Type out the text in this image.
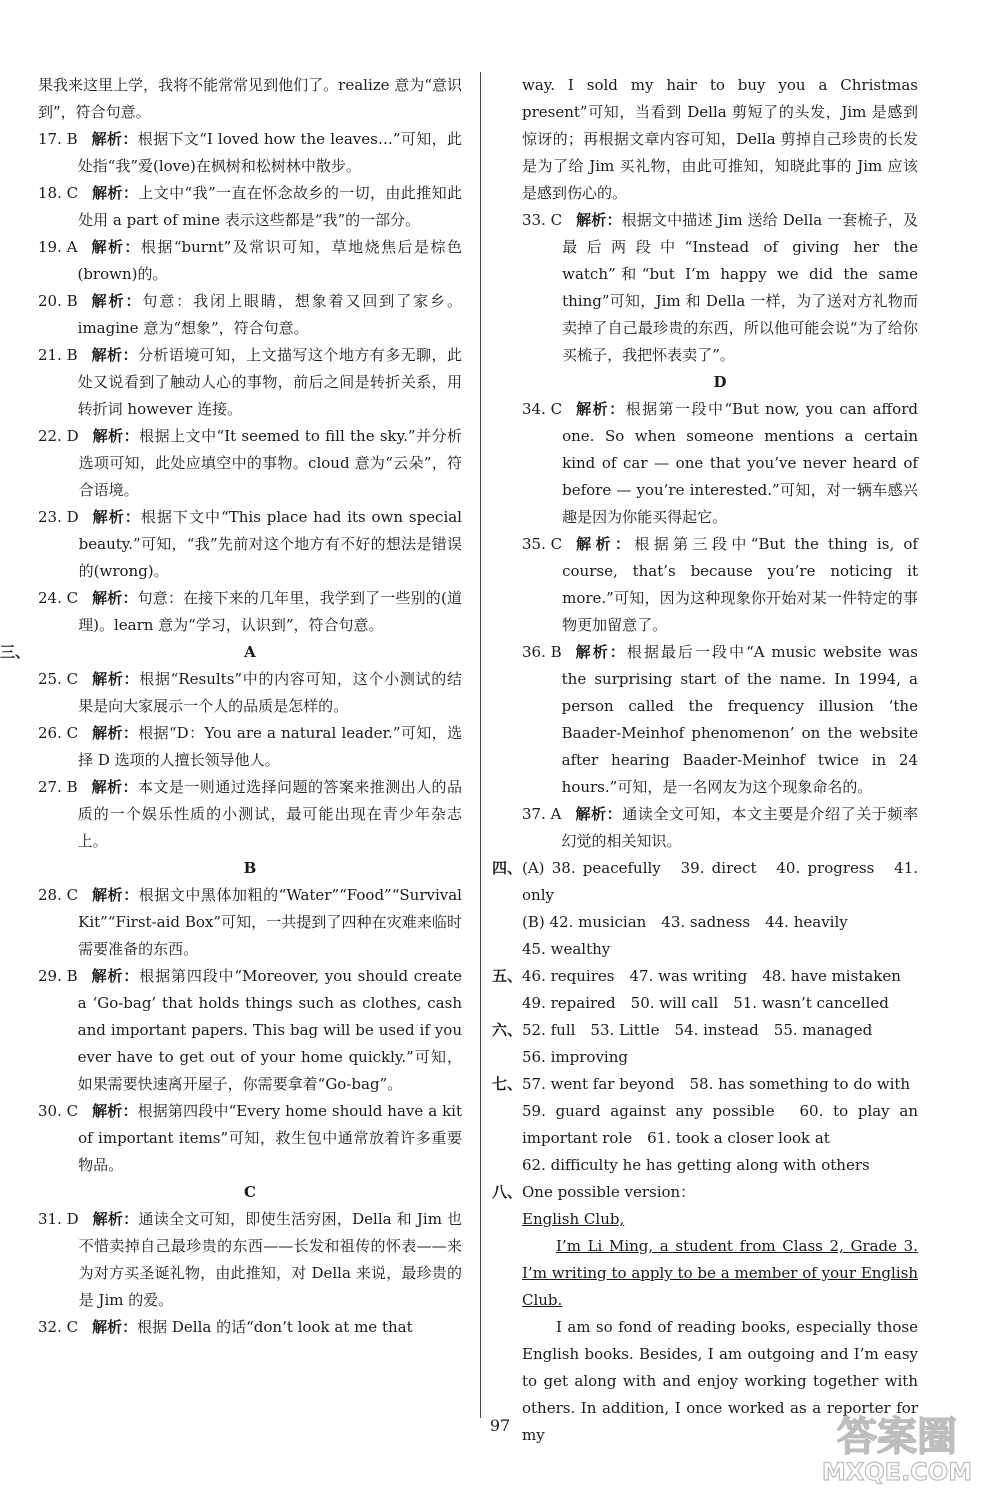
果我来这里上学，我将不能常常见到他们了。realize 意为“意识到”，符合句意。
17. B 解析：根据下文“I loved how the leaves…”可知，此处指“我”爱(love)在枫树和松树林中散步。
18. C 解析：上文中“我”一直在怀念故乡的一切，由此推知此处用 a part of mine 表示这些都是“我”的一部分。
19. A 解析：根据“burnt”及常识可知，草地烧焦后是棕色(brown)的。
20. B 解析：句意：我闭上眼睛，想象着又回到了家乡。imagine 意为“想象”，符合句意。
21. B 解析：分析语境可知，上文描写这个地方有多无聊，此处又说看到了触动人心的事物，前后之间是转折关系，用转折词 however 连接。
22. D 解析：根据上文中“It seemed to fill the sky.”并分析选项可知，此处应填空中的事物。cloud 意为“云朵”，符合语境。
23. D 解析：根据下文中“This place had its own special beauty.”可知，“我”先前对这个地方有不好的想法是错误的(wrong)。
24. C 解析：句意：在接下来的几年里，我学到了一些别的(道理)。learn 意为“学习，认识到”，符合句意。
三、	A
25. C 解析：根据“Results”中的内容可知，这个小测试的结果是向大家展示一个人的品质是怎样的。
26. C 解析：根据“D：You are a natural leader.”可知，选择 D 选项的人擅长领导他人。
27. B 解析：本文是一则通过选择问题的答案来推测出人的品质的一个娱乐性质的小测试，最可能出现在青少年杂志上。
B
28. C 解析：根据文中黑体加粗的“Water”“Food”“Survival Kit”“First-aid Box”可知，一共提到了四种在灾难来临时需要准备的东西。
29. B 解析：根据第四段中“Moreover, you should create a ‘Go-bag’ that holds things such as clothes, cash and important papers. This bag will be used if you ever have to get out of your home quickly.”可知，如果需要快速离开屋子，你需要拿着“Go-bag”。
30. C 解析：根据第四段中“Every home should have a kit of important items”可知，救生包中通常放着许多重要物品。
C
31. D 解析：通读全文可知，即使生活穷困，Della 和 Jim 也不惜卖掉自己最珍贵的东西——长发和祖传的怀表——来为对方买圣诞礼物，由此推知，对 Della 来说，最珍贵的是 Jim 的爱。
32. C 解析：根据 Della 的话“don’t look at me that
way. I sold my hair to buy you a Christmas present”可知，当看到 Della 剪短了的头发，Jim 是感到惊讶的；再根据文章内容可知，Della 剪掉自己珍贵的长发是为了给 Jim 买礼物，由此可推知，知晓此事的 Jim 应该是感到伤心的。
33. C 解析：根据文中描述 Jim 送给 Della 一套梳子，及最后两段中“Instead of giving her the watch”和“but I’m happy we did the same thing”可知，Jim 和 Della 一样，为了送对方礼物而卖掉了自己最珍贵的东西，所以他可能会说“为了给你买梳子，我把怀表卖了”。
D
34. C 解析：根据第一段中“But now, you can afford one. So when someone mentions a certain kind of car — one that you’ve never heard of before — you’re interested.”可知，对一辆车感兴趣是因为你能买得起它。
35. C 解析：根据第三段中“But the thing is, of course, that’s because you’re noticing it more.”可知，因为这种现象你开始对某一件特定的事物更加留意了。
36. B 解析：根据最后一段中“A music website was the surprising start of the name. In 1994, a person called the frequency illusion ‘the Baader-Meinhof phenomenon’ on the website after hearing Baader-Meinhof twice in 24 hours.”可知，是一名网友为这个现象命名的。
37. A 解析：通读全文可知，本文主要是介绍了关于频率幻觉的相关知识。
四、 (A) 38. peacefully　39. direct　40. progress　41. only
(B) 42. musician　43. sadness　44. heavily
45. wealthy
五、 46. requires　47. was writing　48. have mistaken
49. repaired　50. will call　51. wasn’t cancelled
六、 52. full　53. Little　54. instead　55. managed
56. improving
七、 57. went far beyond　58. has something to do with
59. guard against any possible　60. to play an important role　61. took a closer look at
62. difficulty he has getting along with others
八、 One possible version：
English Club,
I’m Li Ming, a student from Class 2, Grade 3. I’m writing to apply to be a member of your English Club.
I am so fond of reading books, especially those English books. Besides, I am outgoing and I’m easy to get along with and enjoy working together with others. In addition, I once worked as a reporter for my
97	答案圈
MXQE.COM
